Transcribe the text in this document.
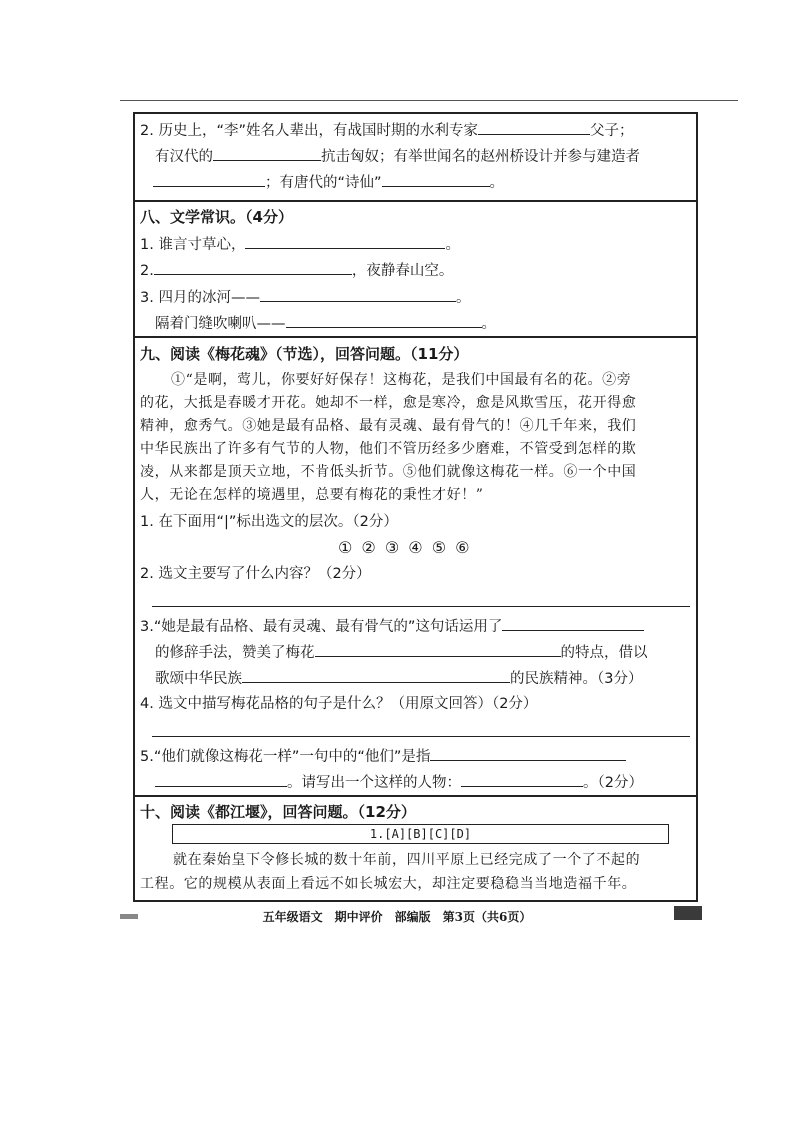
2. 历史上，“李”姓名人辈出，有战国时期的水利专家	父子；
有汉代的	抗击匈奴；有举世闻名的赵州桥设计并参与建造者
；有唐代的“诗仙”	。
八、文学常识。（4分）
1. 谁言寸草心，	。
2.	，夜静春山空。
3. 四月的冰河——	。
隔着门缝吹喇叭——	。
九、阅读《梅花魂》（节选），回答问题。（11分）
①“是啊，莺儿，你要好好保存！这梅花，是我们中国最有名的花。②旁
的花，大抵是春暖才开花。她却不一样，愈是寒冷，愈是风欺雪压，花开得愈
精神，愈秀气。③她是最有品格、最有灵魂、最有骨气的！④几千年来，我们
中华民族出了许多有气节的人物，他们不管历经多少磨难，不管受到怎样的欺
凌，从来都是顶天立地，不肯低头折节。⑤他们就像这梅花一样。⑥一个中国
人，无论在怎样的境遇里，总要有梅花的秉性才好！”
1. 在下面用“|”标出选文的层次。（2分）
① ② ③ ④ ⑤ ⑥
2. 选文主要写了什么内容？（2分）
3.“她是最有品格、最有灵魂、最有骨气的”这句话运用了
的修辞手法，赞美了梅花	的特点，借以
歌颂中华民族	的民族精神。（3分）
4. 选文中描写梅花品格的句子是什么？（用原文回答）（2分）
5.“他们就像这梅花一样”一句中的“他们”是指
。请写出一个这样的人物：	。（2分）
十、阅读《都江堰》，回答问题。（12分）
1.[A][B][C][D]
就在秦始皇下令修长城的数十年前，四川平原上已经完成了一个了不起的
工程。它的规模从表面上看远不如长城宏大，却注定要稳稳当当地造福千年。
五年级语文　期中评价　部编版　第3页（共6页）
